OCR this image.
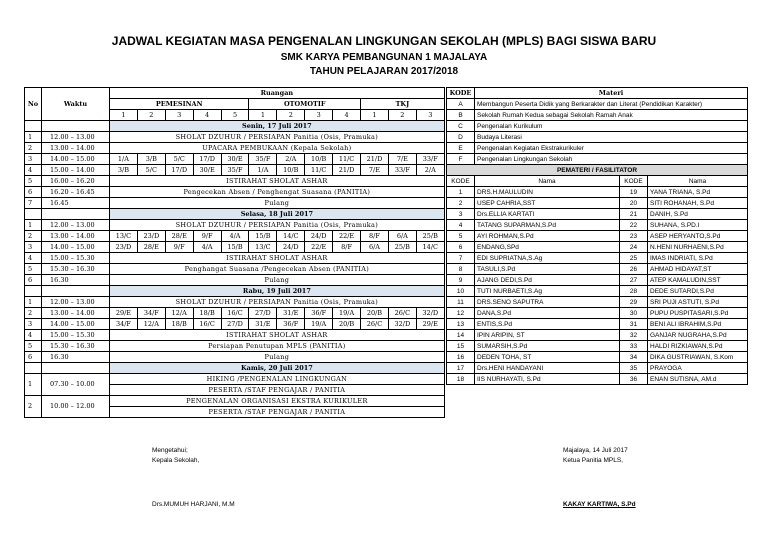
JADWAL KEGIATAN MASA PENGENALAN LINGKUNGAN SEKOLAH (MPLS) BAGI SISWA BARU
SMK KARYA PEMBANGUNAN 1 MAJALAYA
TAHUN PELAJARAN 2017/2018
No	Waktu	Ruangan											
		PEMESINAN					OTOMOTIF				TKJ		
		1	2	3	4	5	1	2	3	4	1	2	3
		Senin, 17 Juli 2017											
1	12.00 – 13.00	SHOLAT DZUHUR / PERSIAPAN Panitia (Osis, Pramuka)											
2	13.00 – 14.00	UPACARA PEMBUKAAN (Kepala Sekolah)											
3	14.00 – 15.00	1/A	3/B	5/C	17/D	30/E	35/F	2/A	10/B	11/C	21/D	7/E	33/F
4	15.00 – 14.00	3/B	5/C	17/D	30/E	35/F	1/A	10/B	11/C	21/D	7/E	33/F	2/A
5	16.00 – 16.20	ISTIRAHAT SHOLAT ASHAR											
6	16.20 – 16.45	Pengecekan Absen / Penghengat Suasana (PANITIA)											
7	16.45	Pulang											
		Selasa, 18 Juli 2017											
1	12.00 – 13.00	SHOLAT DZUHUR / PERSIAPAN Panitia (Osis, Pramuka)											
2	13.00 – 14.00	13/C	23/D	28/E	9/F	4/A	15/B	14/C	24/D	22/E	8/F	6/A	25/B
3	14.00 – 15.00	23/D	28/E	9/F	4/A	15/B	13/C	24/D	22/E	8/F	6/A	25/B	14/C
4	15.00 – 15.30	ISTIRAHAT SHOLAT ASHAR											
5	15.30 – 16.30	Penghangat Suasana /Pengecekan Absen (PANITIA)											
6	16.30	Pulang											
		Rabu, 19 Juli 2017											
1	12.00 – 13.00	SHOLAT DZUHUR / PERSIAPAN Panitia (Osis, Pramuka)											
2	13.00 – 14.00	29/E	34/F	12/A	18/B	16/C	27/D	31/E	36/F	19/A	20/B	26/C	32/D
3	14.00 – 15.00	34/F	12/A	18/B	16/C	27/D	31/E	36/F	19/A	20/B	26/C	32/D	29/E
4	15.00 – 15.30	ISTIRAHAT SHOLAT ASHAR											
5	15.30 – 16.30	Persiapan Penutupan MPLS (PANITIA)											
6	16.30	Pulang											
		Kamis, 20 Juli 2017											
1	07.30 – 10.00	HIKING /PENGENALAN LINGKUNGAN											
		PESERTA /STAF PENGAJAR / PANITIA											
2	10.00 – 12.00	PENGENALAN ORGANISASI EKSTRA KURIKULER											
		PESERTA /STAF PENGAJAR / PANITIA											
KODE	Materi		
A	Membangun Peserta Didik yang Berkarakter dan Literat (Pendidikan Karakter)		
B	Sekolah Rumah Kedua sebagai Sekolah Ramah Anak		
C	Pengenalan Kurikulum		
D	Budaya Literasi		
E	Pengenalan Kegiatan Ekstrakurikuler		
F	Pengenalan Lingkungan Sekolah		
PEMATERI / FASILITATOR			
KODE	Nama	KODE	Nama
1	DRS.H.MAULUDIN	19	YANA TRIANA, S.Pd
2	USEP CAHRIA,SST	20	SITI ROHANAH, S.Pd
3	Drs.ELLIA KARTATI	21	DANIH, S.Pd
4	TATANG SUPARMAN,S.Pd	22	SUHANA, S.PD.I
5	AYI ROHMAN,S.Pd	23	ASEP HERYANTO,S.Pd
6	ENDANG,SPd	24	N.HENI NURHAENI,S.Pd
7	EDI SUPRIATNA,S.Ag	25	IMAS INDRIATI, S.Pd
8	TASULI,S.Pd	26	AHMAD HIDAYAT,ST
9	AJANG DEDI,S.Pd	27	ATEP KAMALUDIN,SST
10	TUTI NURBAETI,S.Ag	28	DEDE SUTARDI,S.Pd
11	DRS.SENO SAPUTRA	29	SRI PUJI ASTUTI, S.Pd
12	DANA,S.Pd	30	PUPU PUSPITASARI,S.Pd
13	ENTIS,S.Pd	31	BENI ALI IBRAHIM,S.Pd
14	IPIN ARIPIN, ST	32	GANJAR NUGRAHA,S.Pd
15	SUMARSIH,S.Pd	33	HALDI RIZKIAWAN,S.Pd
16	DEDEN TOHA, ST	34	DIKA GUSTRIAWAN, S.Kom
17	Drs.HENI HANDAYANI	35	PRAYOGA
18	IIS NURHAYATI, S.Pd	36	ENAN SUTISNA, AM.d
Mengetahui;
Kepala Sekolah,
Drs.MUMUH HARJANI, M.M
Majalaya, 14 Juli 2017
Ketua Panitia MPLS,
KAKAY KARTIWA, S.Pd
